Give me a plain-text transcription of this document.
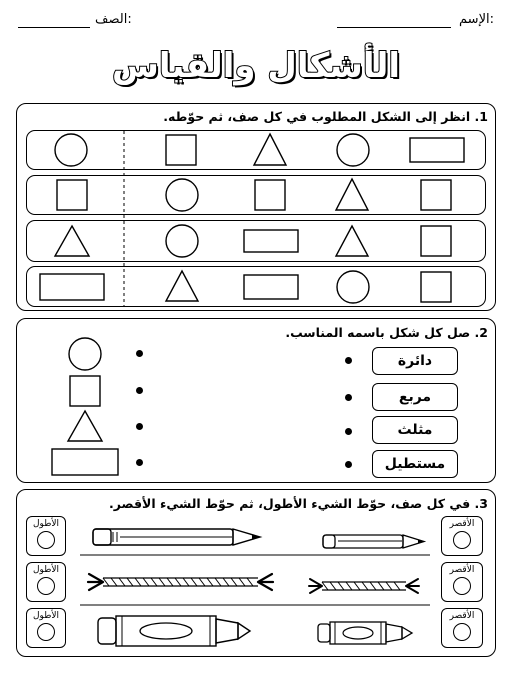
الإسم:
الصف:
الأشكال والقياس
1. انظر إلى الشكل المطلوب في كل صف، ثم حوّطه.
2. صل كل شكل باسمه المناسب.
دائرة
مربع
مثلث
مستطيل
3. في كل صف، حوّط الشيء الأطول، ثم حوّط الشيء الأقصر.
الأطول
الأطول
الأطول
الأقصر
الأقصر
الأقصر
